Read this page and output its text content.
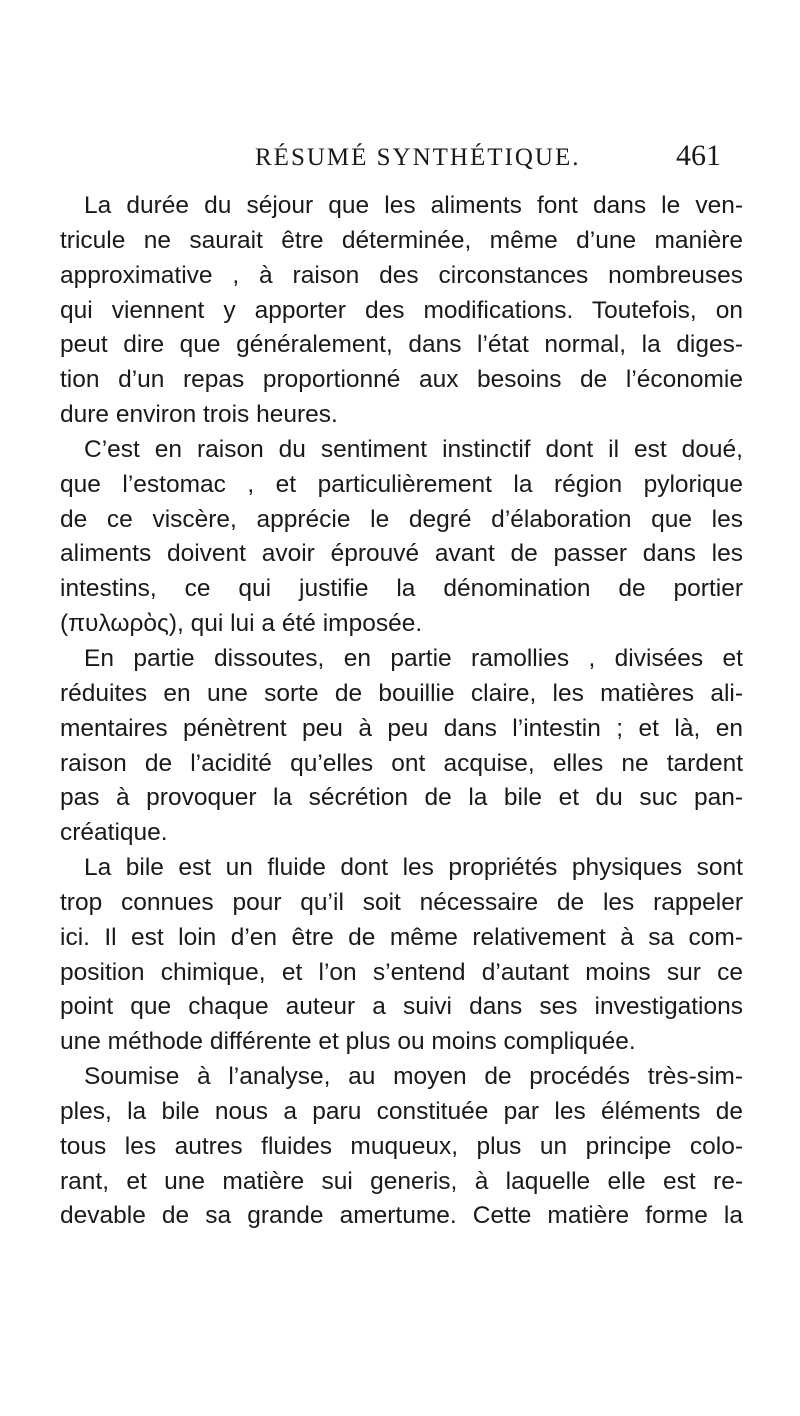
RÉSUMÉ SYNTHÉTIQUE.	461
La durée du séjour que les aliments font dans le ven-
tricule ne saurait être déterminée, même d’une manière
approximative , à raison des circonstances nombreuses
qui viennent y apporter des modifications. Toutefois, on
peut dire que généralement, dans l’état normal, la diges-
tion d’un repas proportionné aux besoins de l’économie
dure environ trois heures.
C’est en raison du sentiment instinctif dont il est doué,
que l’estomac , et particulièrement la région pylorique
de ce viscère, apprécie le degré d’élaboration que les
aliments doivent avoir éprouvé avant de passer dans les
intestins, ce qui justifie la dénomination de portier
(πυλωρὸς), qui lui a été imposée.
En partie dissoutes, en partie ramollies , divisées et
réduites en une sorte de bouillie claire, les matières ali-
mentaires pénètrent peu à peu dans l’intestin ; et là, en
raison de l’acidité qu’elles ont acquise, elles ne tardent
pas à provoquer la sécrétion de la bile et du suc pan-
créatique.
La bile est un fluide dont les propriétés physiques sont
trop connues pour qu’il soit nécessaire de les rappeler
ici. Il est loin d’en être de même relativement à sa com-
position chimique, et l’on s’entend d’autant moins sur ce
point que chaque auteur a suivi dans ses investigations
une méthode différente et plus ou moins compliquée.
Soumise à l’analyse, au moyen de procédés très-sim-
ples, la bile nous a paru constituée par les éléments de
tous les autres fluides muqueux, plus un principe colo-
rant, et une matière sui generis, à laquelle elle est re-
devable de sa grande amertume. Cette matière forme la
